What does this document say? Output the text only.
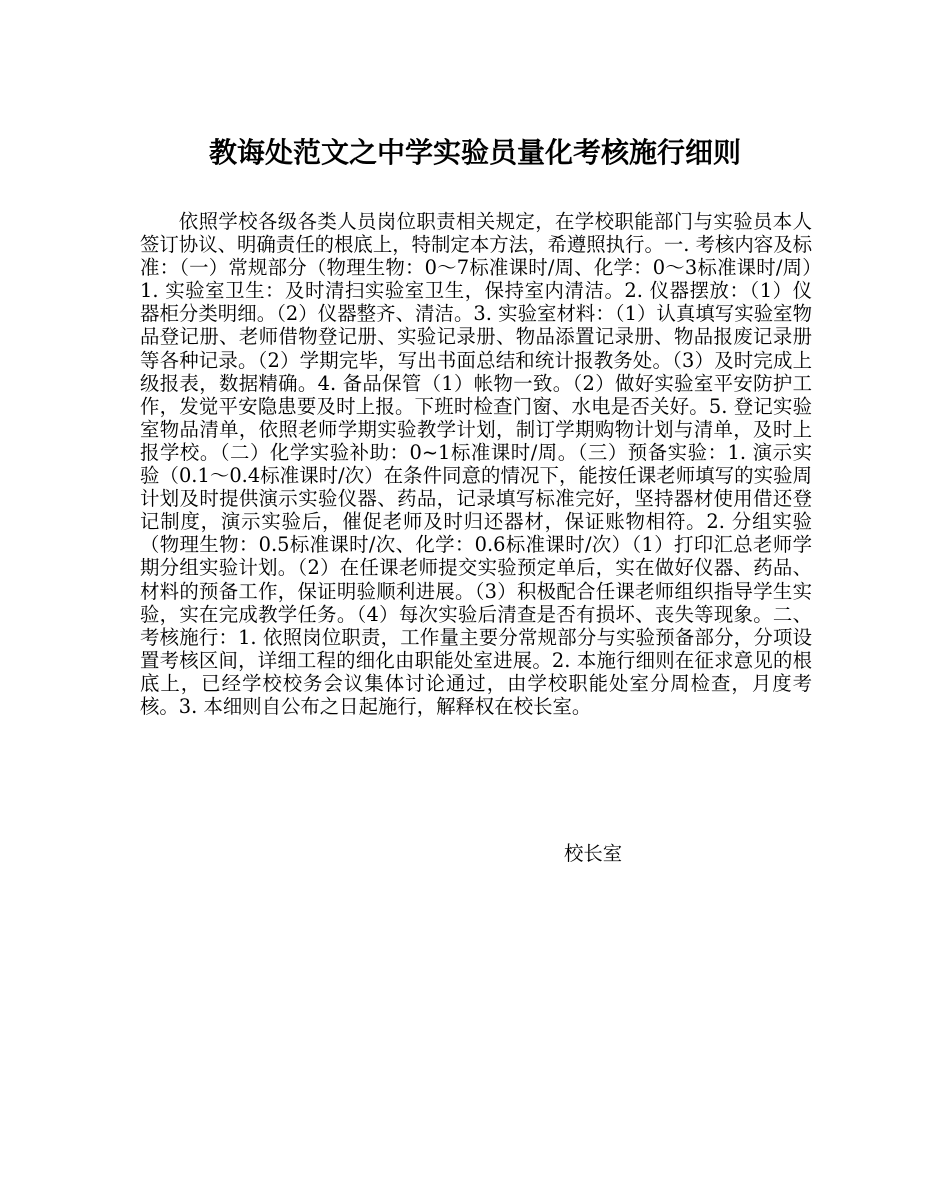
教诲处范文之中学实验员量化考核施行细则

依照学校各级各类人员岗位职责相关规定，在学校职能部门与实验员本人签订协议、明确责任的根底上，特制定本方法，希遵照执行。一. 考核内容及标准：（一）常规部分（物理生物：0～7标准课时/周、化学：0～3标准课时/周）1. 实验室卫生：及时清扫实验室卫生，保持室内清洁。2. 仪器摆放：（1）仪器柜分类明细。（2）仪器整齐、清洁。3. 实验室材料：（1）认真填写实验室物品登记册、老师借物登记册、实验记录册、物品添置记录册、物品报废记录册等各种记录。（2）学期完毕，写出书面总结和统计报教务处。（3）及时完成上级报表，数据精确。4. 备品保管（1）帐物一致。（2）做好实验室平安防护工作，发觉平安隐患要及时上报。下班时检查门窗、水电是否关好。5. 登记实验室物品清单，依照老师学期实验教学计划，制订学期购物计划与清单，及时上报学校。（二）化学实验补助：0~1标准课时/周。（三）预备实验：1. 演示实验（0.1～0.4标准课时/次）在条件同意的情况下，能按任课老师填写的实验周计划及时提供演示实验仪器、药品，记录填写标准完好，坚持器材使用借还登记制度，演示实验后，催促老师及时归还器材，保证账物相符。2. 分组实验（物理生物：0.5标准课时/次、化学：0.6标准课时/次）（1）打印汇总老师学期分组实验计划。（2）在任课老师提交实验预定单后，实在做好仪器、药品、材料的预备工作，保证明验顺利进展。（3）积极配合任课老师组织指导学生实验，实在完成教学任务。（4）每次实验后清查是否有损坏、丧失等现象。二、考核施行：1. 依照岗位职责，工作量主要分常规部分与实验预备部分，分项设置考核区间，详细工程的细化由职能处室进展。2. 本施行细则在征求意见的根底上，已经学校校务会议集体讨论通过，由学校职能处室分周检查，月度考核。3. 本细则自公布之日起施行，解释权在校长室。

校长室
